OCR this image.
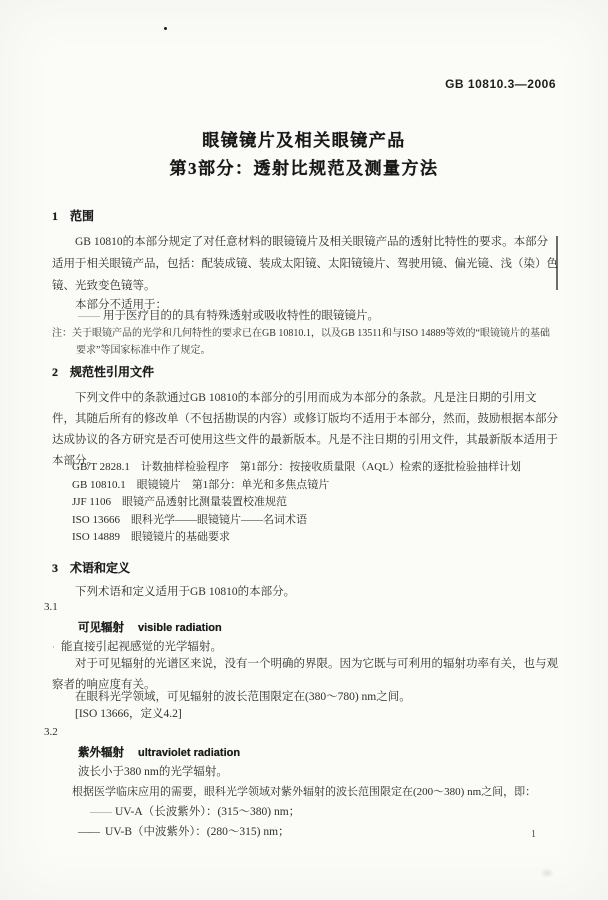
GB 10810.3—2006
眼镜镜片及相关眼镜产品
第3部分：透射比规范及测量方法
1　范围
GB 10810的本部分规定了对任意材料的眼镜镜片及相关眼镜产品的透射比特性的要求。本部分适用于相关眼镜产品，包括：配装成镜、装成太阳镜、太阳镜镜片、驾驶用镜、偏光镜、浅（染）色镜、光致变色镜等。
本部分不适用于：
—— 用于医疗目的的具有特殊透射或吸收特性的眼镜镜片。
注：关于眼镜产品的光学和几何特性的要求已在GB 10810.1，以及GB 13511和与ISO 14889等效的“眼镜镜片的基础要求”等国家标准中作了规定。
2　规范性引用文件
下列文件中的条款通过GB 10810的本部分的引用而成为本部分的条款。凡是注日期的引用文件，其随后所有的修改单（不包括勘误的内容）或修订版均不适用于本部分，然而，鼓励根据本部分达成协议的各方研究是否可使用这些文件的最新版本。凡是不注日期的引用文件，其最新版本适用于本部分。
GB/T 2828.1　计数抽样检验程序　第1部分：按接收质量限（AQL）检索的逐批检验抽样计划
GB 10810.1　眼镜镜片　第1部分：单光和多焦点镜片
JJF 1106　眼镜产品透射比测量装置校准规范
ISO 13666　眼科光学——眼镜镜片——名词术语
ISO 14889　眼镜镜片的基础要求
3　术语和定义
下列术语和定义适用于GB 10810的本部分。
3.1
可见辐射 visible radiation
· 能直接引起视感觉的光学辐射。
对于可见辐射的光谱区来说，没有一个明确的界限。因为它既与可利用的辐射功率有关，也与观察者的响应度有关。
在眼科光学领域，可见辐射的波长范围限定在(380～780) nm之间。
[ISO 13666，定义4.2]
3.2
紫外辐射 ultraviolet radiation
波长小于380 nm的光学辐射。
根据医学临床应用的需要，眼科光学领域对紫外辐射的波长范围限定在(200～380) nm之间，即：
—— UV-A（长波紫外）：(315～380) nm；
—— UV-B（中波紫外）：(280～315) nm；	1
